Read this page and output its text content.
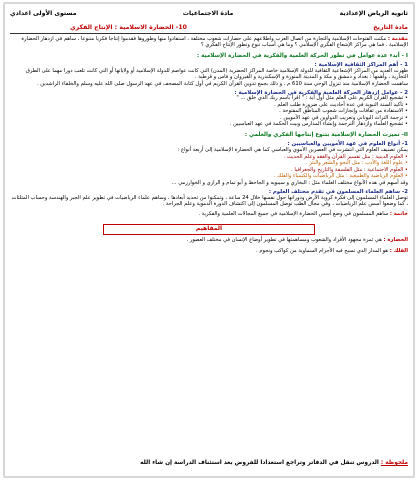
ثانوية الرياض الإعدادية
مادة الاجتماعيات
مستوى الأولى اعدادي
مادة التاريخ
10- الحضارة الاسلامية : الإنتاج الفكري
مقدمة : مكنت الفتوحات الإسلامية والتجارة من اتصال العرب واطلاعهم على حضارات شعوب مختلفة ، استفادوا منها وطوروها فقدموا إنتاجا فكريا متنوعا ، ساهم في ازدهار الحضارة الإسلامية . فما هي مراكز الإشعاع الفكري الإسلامي ؟ وما هي أسباب تنوع وتطور الإنتاج الفكري ؟
I - أبدء عدة عوامل في تطور الحركة العلمية والفكرية في الحضارة الإسلامية :
1 - أهم المراكز الثقافية الإسلامية :
ظهرت العديد من المراكز الإشعاعية الثقافية للدولة الإسلامية خاصة المراكز الحضرية (المدن) التي كانت عواصم للدولة الإسلامية أو ولاياتها أو التي كانت تلعب دورا مهما على الطرق التجارية ، وأهمها : بغداد و دمشق و مكة و المدينة المنورة و الإسكندرية و القيروان و فاس و قرطبة .
ساهمت الحضارة الإسلامية منذ تنزول الوحي سنة 610 م ، و ذلك بجمع تدوين القرآن الكريم في أول كتابة المصحف في عهد الرسول صلى الله عليه وسلم والخلفاء الراشدين .
2 - عوامل ازدهار الحركة العلمية والفكرية في الحضارة الإسلامية :
• تشجيع القرآن الكريم على العلم مثل أول آية : " اقرأ باسم ربك الذي خلق ... "
• تأكيد السنة النبوية في عدة أحاديث على ضرورة طلب العلم .
• الاستفادة من ثقافات وإنجازات شعوب المناطق المفتوحة .
• ترجمة التراث اليوناني وتعريب الدواوين في عهد الأمويين .
• تشجيع العلماء وازدهار الترجمة وإنشاء المدارس وبيت الحكمة في عهد العباسيين .
II- تميزت الحضارة الإسلامية بتنوع إنتاجها الفكري والعلمي :
1- أنواع العلوم في عهد الأمويين والعباسيين :
يمكن تصنيف العلوم التي انتشرت في العصرين الأموي والعباسي كما هي الحضارة الإسلامية إلى أربعة أنواع :
• العلوم الدينية : مثل تفسير القرآن والفقه وعلم الحديث .
• علوم اللغة والأدب : مثل النحو والشعر والنثر .
• العلوم الاجتماعية : مثل الفلسفة والتاريخ والجغرافيا .
• العلوم الرياضية والطبيعية : مثل الرياضيات والكيمياء والفلك .
وقد أسهم في هذه الأنواع مختلف العلماء مثل : البخاري و سيبويه و الجاحظ و أبو تمام و الرازي و الخوارزمي ...
2- ساهم العلماء المسلمون في تقدم مختلف العلوم :
توصل العلماء المسلمون إلى فكرة كروية الأرض ودورانها حول نفسها خلال 24 ساعة ، وتمكنوا من تحديد أبعادها ، وساهم علماء الرياضيات في تطوير علم الجبر والهندسة وحساب المثلثات ، كما وضعوا أسس علم الرياضيات ، وفي مجال الطب توصل المسلمون إلى اكتشاف الدورة الدموية وعلم الجراحة .
خاتمة : ساهم المسلمون في وضع أسس الحضارة الإسلامية في جميع المجالات العلمية والفكرية .
المفاهيم
الحضارة : هي ثمرة مجهود الأفراد والشعوب ومساهمتها في تطوير أوضاع الإنسان في مختلف العصور .
الفلك : هو المدار الذي تسبح فيه الأجرام السماوية من كواكب ونجوم .
ملحوظة : الدروس تنقل في الدفاتر وتراجع استعدادا للفروض بعد استئناف الدراسة إن شاء الله
